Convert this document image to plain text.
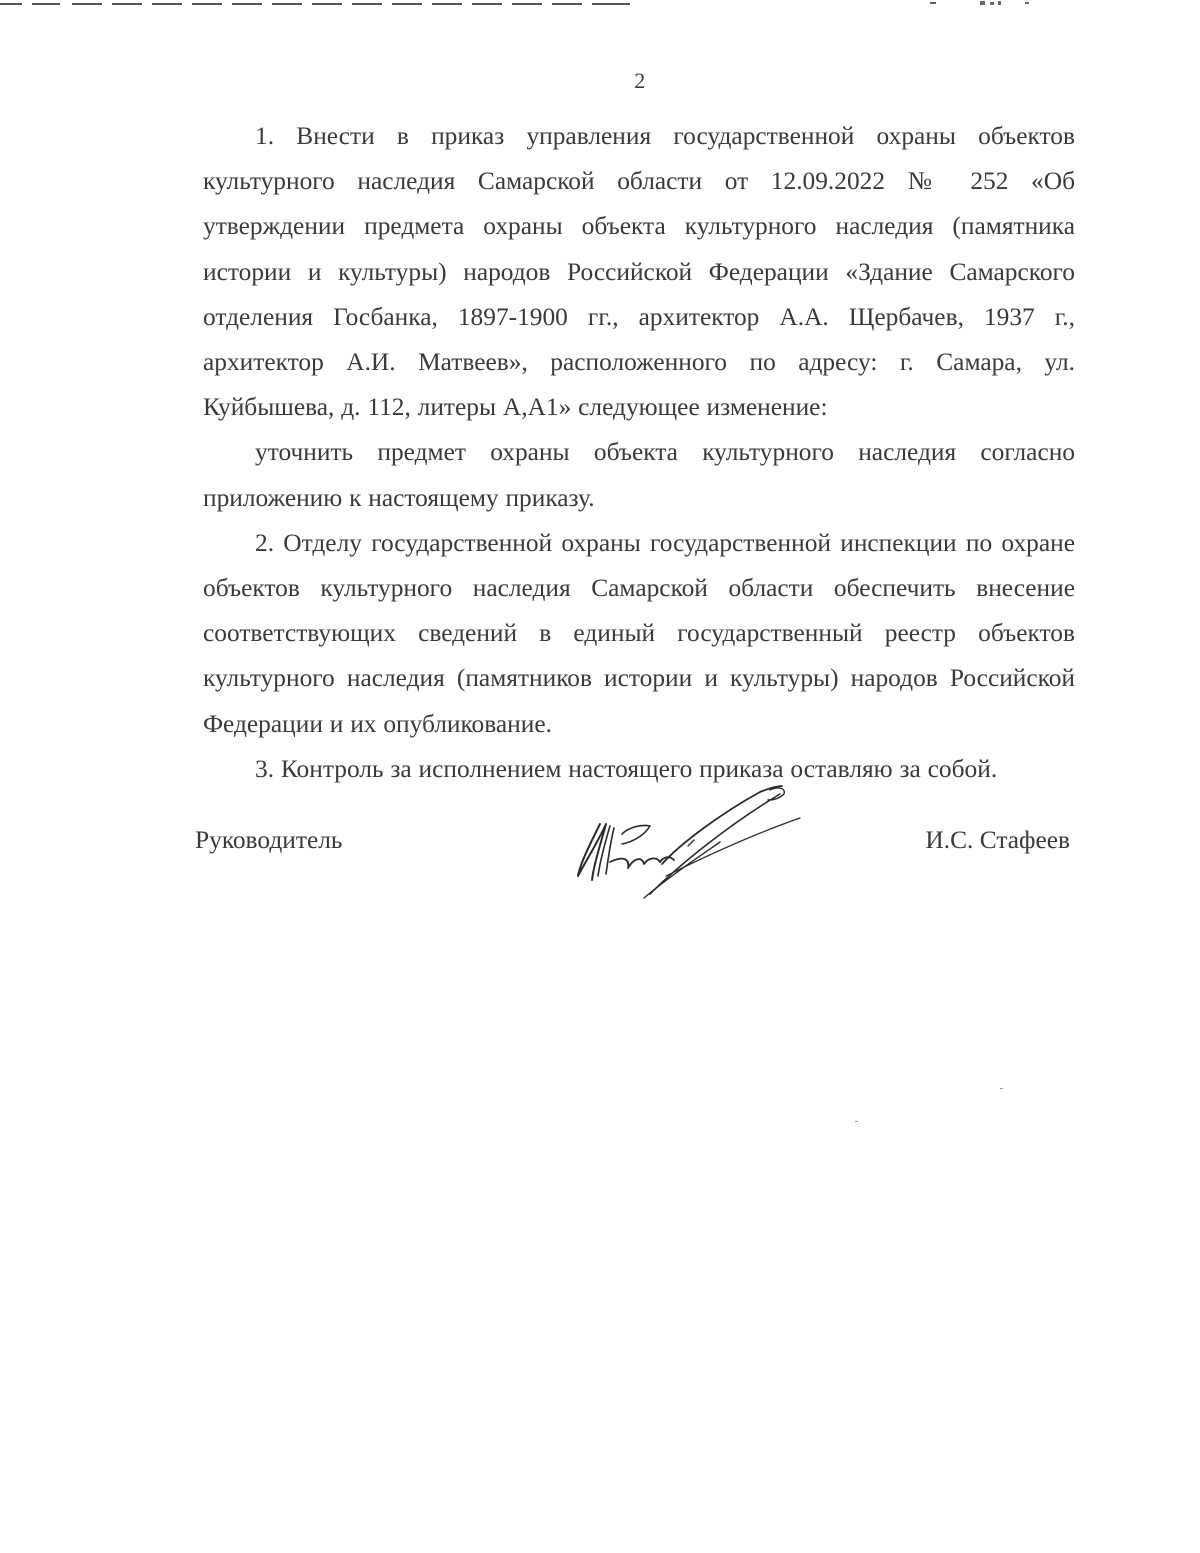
2

1. Внести в приказ управления государственной охраны объектов культурного наследия Самарской области от 12.09.2022 № 252 «Об утверждении предмета охраны объекта культурного наследия (памятника истории и культуры) народов Российской Федерации «Здание Самарского отделения Госбанка, 1897-1900 гг., архитектор А.А. Щербачев, 1937 г., архитектор А.И. Матвеев», расположенного по адресу: г. Самара, ул. Куйбышева, д. 112, литеры А,А1» следующее изменение:

уточнить предмет охраны объекта культурного наследия согласно приложению к настоящему приказу.

2. Отделу государственной охраны государственной инспекции по охране объектов культурного наследия Самарской области обеспечить внесение соответствующих сведений в единый государственный реестр объектов культурного наследия (памятников истории и культуры) народов Российской Федерации и их опубликование.

3. Контроль за исполнением настоящего приказа оставляю за собой.

Руководитель	И.С. Стафеев
